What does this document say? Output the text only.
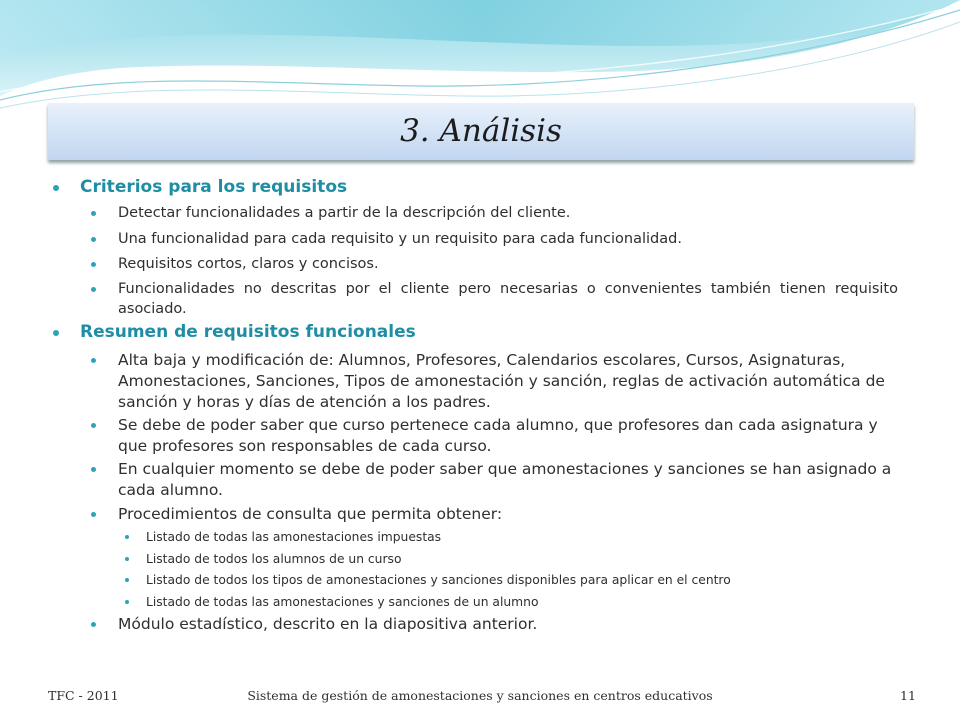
3. Análisis
Criterios para los requisitos
Detectar funcionalidades a partir de la descripción del cliente.
Una funcionalidad para cada requisito y un requisito para cada funcionalidad.
Requisitos cortos, claros y concisos.
Funcionalidades no descritas por el cliente pero necesarias o convenientes también tienen requisito asociado.
Resumen de requisitos funcionales
Alta baja y modificación de: Alumnos, Profesores, Calendarios escolares, Cursos, Asignaturas, Amonestaciones, Sanciones, Tipos de amonestación y sanción, reglas de activación automática de sanción y horas y días de atención a los padres.
Se debe de poder saber que curso pertenece cada alumno, que profesores dan cada asignatura y que profesores son responsables de cada curso.
En cualquier momento se debe de poder saber que amonestaciones y sanciones se han asignado a cada alumno.
Procedimientos de consulta que permita obtener:
Listado de todas las amonestaciones impuestas
Listado de todos los alumnos de un curso
Listado de todos los tipos de amonestaciones y sanciones disponibles para aplicar en el centro
Listado de todas las amonestaciones y sanciones de un alumno
Módulo estadístico, descrito en la diapositiva anterior.
TFC - 2011	Sistema de gestión de amonestaciones y sanciones en centros educativos	11
